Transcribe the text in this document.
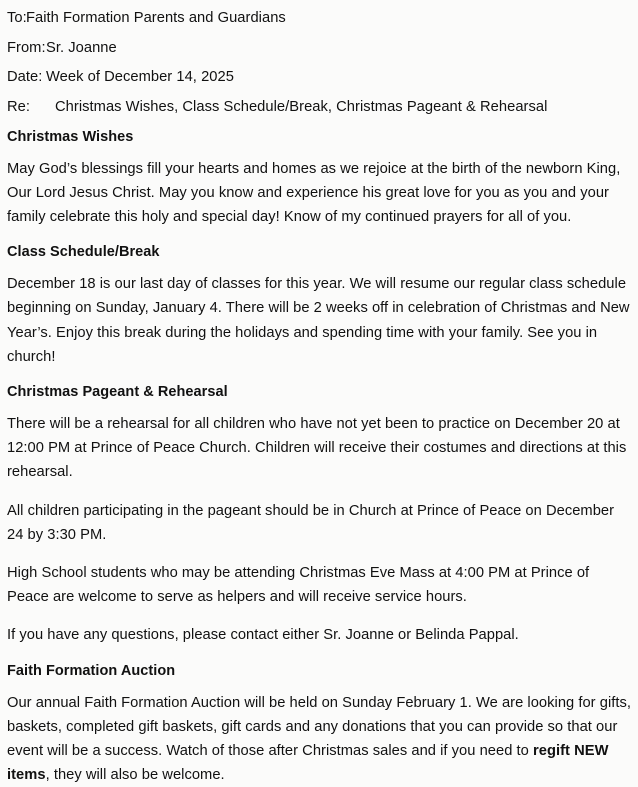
To:Faith Formation Parents and Guardians
From:Sr. Joanne
Date: Week of December 14, 2025
Re: Christmas Wishes, Class Schedule/Break, Christmas Pageant & Rehearsal
Christmas Wishes

May God’s blessings fill your hearts and homes as we rejoice at the birth of the newborn King, Our Lord Jesus Christ. May you know and experience his great love for you as you and your family celebrate this holy and special day! Know of my continued prayers for all of you.

Class Schedule/Break

December 18 is our last day of classes for this year. We will resume our regular class schedule beginning on Sunday, January 4. There will be 2 weeks off in celebration of Christmas and New Year’s. Enjoy this break during the holidays and spending time with your family. See you in church!

Christmas Pageant & Rehearsal

There will be a rehearsal for all children who have not yet been to practice on December 20 at 12:00 PM at Prince of Peace Church. Children will receive their costumes and directions at this rehearsal.

All children participating in the pageant should be in Church at Prince of Peace on December 24 by 3:30 PM.

High School students who may be attending Christmas Eve Mass at 4:00 PM at Prince of Peace are welcome to serve as helpers and will receive service hours.

If you have any questions, please contact either Sr. Joanne or Belinda Pappal.

Faith Formation Auction

Our annual Faith Formation Auction will be held on Sunday February 1. We are looking for gifts, baskets, completed gift baskets, gift cards and any donations that you can provide so that our event will be a success. Watch of those after Christmas sales and if you need to regift NEW items, they will also be welcome.
